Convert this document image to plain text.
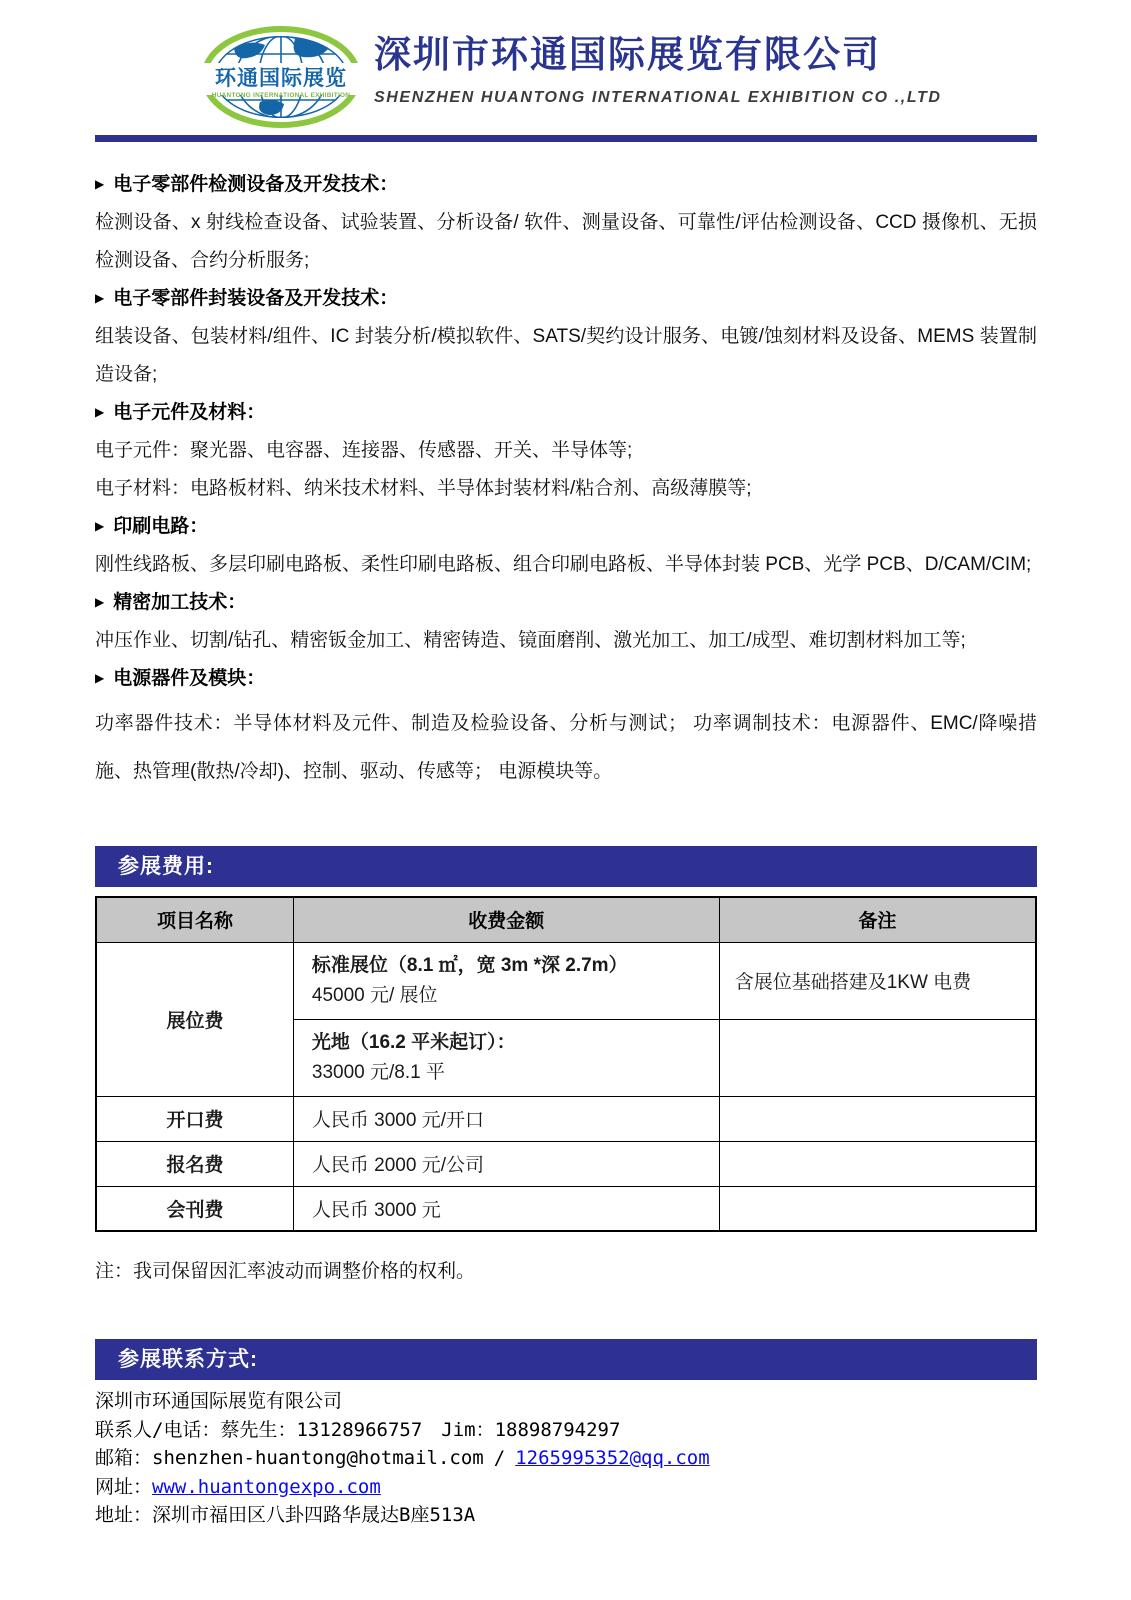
环通国际展览
HUANTONG INTERNATIONAL EXHIBITION
深圳市环通国际展览有限公司
SHENZHEN HUANTONG INTERNATIONAL EXHIBITION CO .,LTD
▶ 电子零部件检测设备及开发技术：

检测设备、x 射线检查设备、试验装置、分析设备/ 软件、测量设备、可靠性/评估检测设备、CCD 摄像机、无损检测设备、合约分析服务;

▶ 电子零部件封装设备及开发技术：

组装设备、包装材料/组件、IC 封装分析/模拟软件、SATS/契约设计服务、电镀/蚀刻材料及设备、MEMS 装置制造设备;

▶ 电子元件及材料：

电子元件：聚光器、电容器、连接器、传感器、开关、半导体等;

电子材料：电路板材料、纳米技术材料、半导体封装材料/粘合剂、高级薄膜等;

▶ 印刷电路：

刚性线路板、多层印刷电路板、柔性印刷电路板、组合印刷电路板、半导体封装 PCB、光学 PCB、D/CAM/CIM;

▶ 精密加工技术：

冲压作业、切割/钻孔、精密钣金加工、精密铸造、镜面磨削、激光加工、加工/成型、难切割材料加工等;

▶ 电源器件及模块：

功率器件技术：半导体材料及元件、制造及检验设备、分析与测试； 功率调制技术：电源器件、EMC/降噪措施、热管理(散热/冷却)、控制、驱动、传感等； 电源模块等。

参展费用:
项目名称	收费金额	备注
展位费	标准展位（8.1 ㎡，宽 3m *深 2.7m）
45000 元/ 展位	含展位基础搭建及1KW 电费

	光地（16.2 平米起订）：
33000 元/8.1 平	

开口费	人民币 3000 元/开口	
报名费	人民币 2000 元/公司	
会刊费	人民币 3000 元	

注：我司保留因汇率波动而调整价格的权利。

参展联系方式:
深圳市环通国际展览有限公司
联系人/电话：蔡先生：13128966757　Jim：18898794297
邮箱：shenzhen-huantong@hotmail.com / 1265995352@qq.com
网址：www.huantongexpo.com
地址：深圳市福田区八卦四路华晟达B座513A
